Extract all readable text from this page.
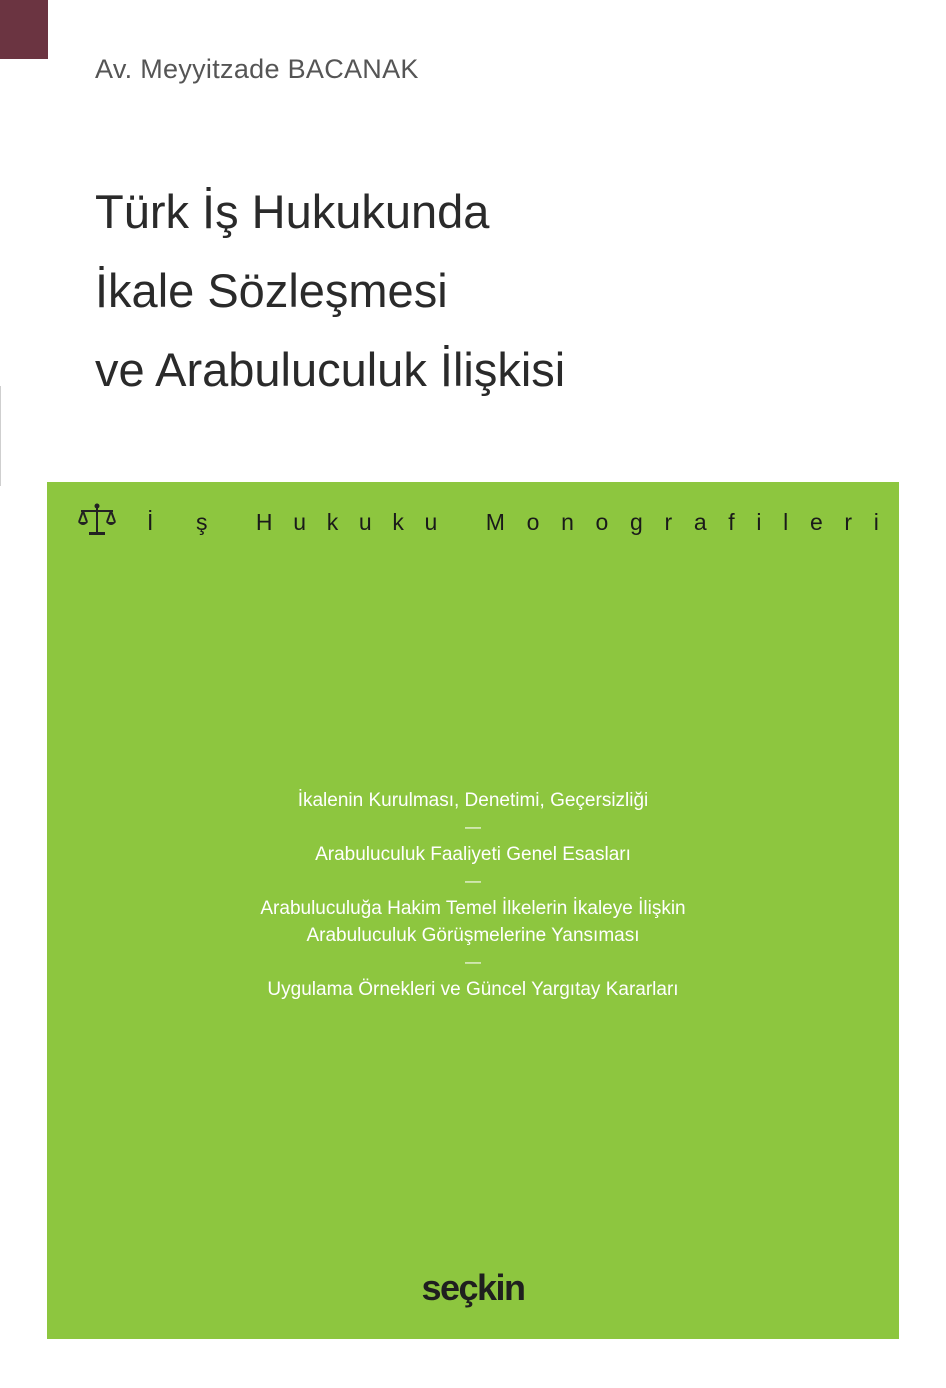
Av. Meyyitzade BACANAK
Türk İş Hukukunda
İkale Sözleşmesi
ve Arabuluculuk İlişkisi
İ ş H u k u k u M o n o g r a f i l e r i
İkalenin Kurulması, Denetimi, Geçersizliği
—
Arabuluculuk Faaliyeti Genel Esasları
—
Arabuluculuğa Hakim Temel İlkelerin İkaleye İlişkin
Arabuluculuk Görüşmelerine Yansıması
—
Uygulama Örnekleri ve Güncel Yargıtay Kararları
seçkin
